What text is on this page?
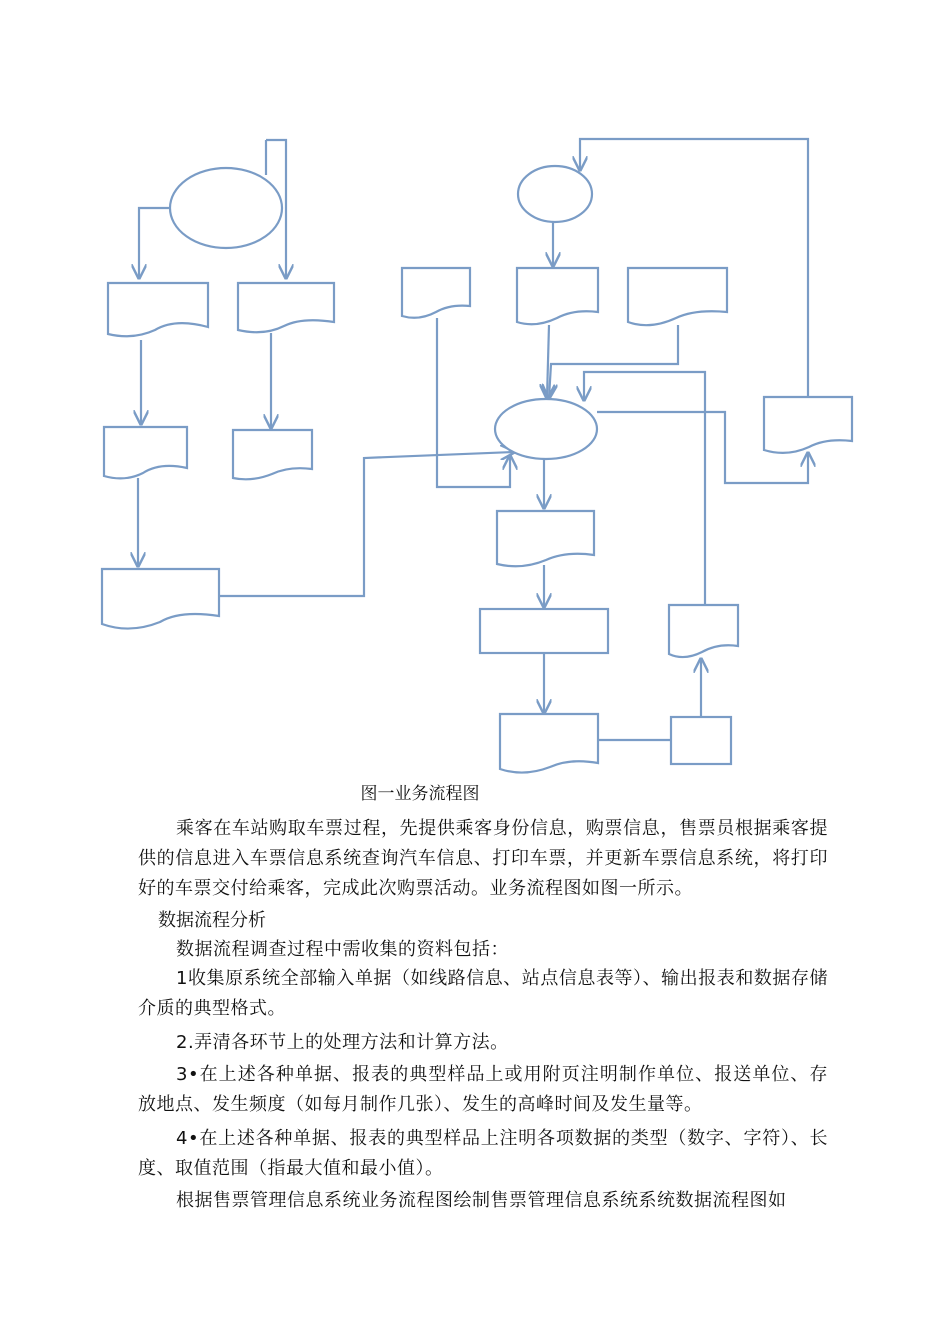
图一业务流程图

乘客在车站购取车票过程，先提供乘客身份信息，购票信息，售票员根据乘客提供的信息进入车票信息系统查询汽车信息、打印车票，并更新车票信息系统，将打印好的车票交付给乘客，完成此次购票活动。业务流程图如图一所示。

数据流程分析

数据流程调查过程中需收集的资料包括：

1收集原系统全部输入单据（如线路信息、站点信息表等）、输出报表和数据存储介质的典型格式。

2.弄清各环节上的处理方法和计算方法。

3•在上述各种单据、报表的典型样品上或用附页注明制作单位、报送单位、存放地点、发生频度（如每月制作几张）、发生的高峰时间及发生量等。

4•在上述各种单据、报表的典型样品上注明各项数据的类型（数字、字符）、长度、取值范围（指最大值和最小值）。

根据售票管理信息系统业务流程图绘制售票管理信息系统系统数据流程图如
